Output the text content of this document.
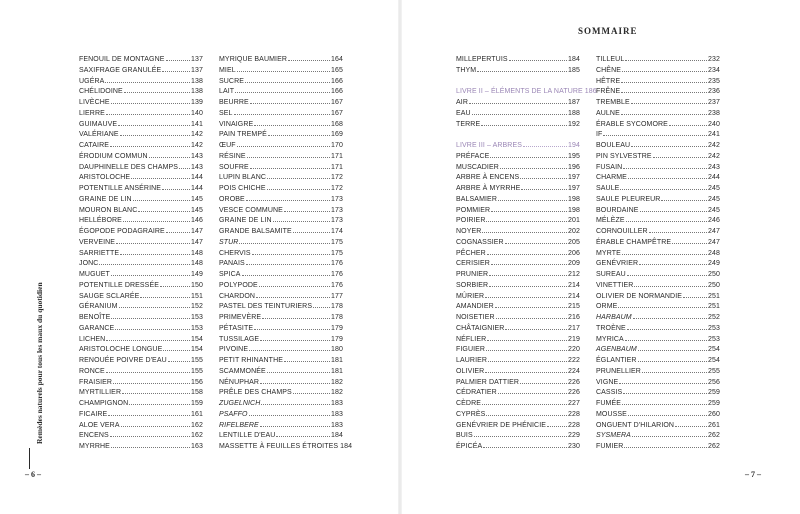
SOMMAIRE
Remèdes naturels pour tous les maux du quotidien
– 6 –	– 7 –
FENOUIL DE MONTAGNE	137
SAXIFRAGE GRANULÉE	137
UGÉRA	138
CHÉLIDOINE	138
LIVÈCHE	139
LIERRE	140
GUIMAUVE	141
VALÉRIANE	142
CATAIRE	142
ÉRODIUM COMMUN	143
DAUPHINELLE DES CHAMPS 143
ARISTOLOCHE	144
POTENTILLE ANSÉRINE	144
GRAINE DE LIN	145
MOURON BLANC	145
HELLÉBORE	146
ÉGOPODE PODAGRAIRE	147
VERVEINE	147
SARRIETTE	148
JONC	148
MUGUET	149
POTENTILLE DRESSÉE	150
SAUGE SCLARÉE	151
GÉRANIUM	152
BENOÎTE	153
GARANCE	153
LICHEN	154
ARISTOLOCHE LONGUE	154
RENOUÉE POIVRE D'EAU	155
RONCE	155
FRAISIER	156
MYRTILLIER	158
CHAMPIGNON	159
FICAIRE	161
ALOE VERA	162
ENCENS	162
MYRRHE	163
MYRIQUE BAUMIER	164
MIEL	165
SUCRE	166
LAIT	166
BEURRE	167
SEL	167
VINAIGRE	168
PAIN TREMPÉ	169
ŒUF	170
RÉSINE	171
SOUFRE	171
LUPIN BLANC	172
POIS CHICHE	172
OROBE	173
VESCE COMMUNE	173
GRAINE DE LIN	173
GRANDE BALSAMITE	174
STUR	175
CHERVIS	175
PANAIS	176
SPICA	176
POLYPODE	176
CHARDON	177
PASTEL DES TEINTURIERS	178
PRIMEVÈRE	178
PÉTASITE	179
TUSSILAGE	179
PIVOINE	180
PETIT RHINANTHE	181
SCAMMONÉE	181
NÉNUPHAR	182
PRÊLE DES CHAMPS	182
ZUGELNICH	183
PSAFFO	183
RIFELBERE	183
LENTILLE D'EAU	184
MASSETTE À FEUILLES ÉTROITES 184
MILLEPERTUIS	184
THYM	185
LIVRE II – ÉLÉMENTS DE LA NATURE 186
AIR	187
EAU	188
TERRE	192
LIVRE III – ARBRES	194
PRÉFACE	195
MUSCADIER	196
ARBRE À ENCENS	197
ARBRE À MYRRHE	197
BALSAMIER	198
POMMIER	198
POIRIER	201
NOYER	202
COGNASSIER	205
PÊCHER	206
CERISIER	209
PRUNIER	212
SORBIER	214
MÛRIER	214
AMANDIER	215
NOISETIER	216
CHÂTAIGNIER	217
NÉFLIER	219
FIGUIER	220
LAURIER	222
OLIVIER	224
PALMIER DATTIER	226
CÉDRATIER	226
CÈDRE	227
CYPRÈS	228
GENÉVRIER DE PHÉNICIE	228
BUIS	229
ÉPICÉA	230
TILLEUL	232
CHÊNE	234
HÊTRE	235
FRÊNE	236
TREMBLE	237
AULNE	238
ÉRABLE SYCOMORE	240
IF	241
BOULEAU	242
PIN SYLVESTRE	242
FUSAIN	243
CHARME	244
SAULE	245
SAULE PLEUREUR	245
BOURDAINE	245
MÉLÈZE	246
CORNOUILLER	247
ÉRABLE CHAMPÊTRE	247
MYRTE	248
GENÉVRIER	249
SUREAU	250
VINETTIER	250
OLIVIER DE NORMANDIE	251
ORME	251
HARBAUM	252
TROÈNE	253
MYRICA	253
AGENBAUM	254
ÉGLANTIER	254
PRUNELLIER	255
VIGNE	256
CASSIS	259
FUMÉE	259
MOUSSE	260
ONGUENT D'HILARION	261
SYSMERA	262
FUMIER	262
